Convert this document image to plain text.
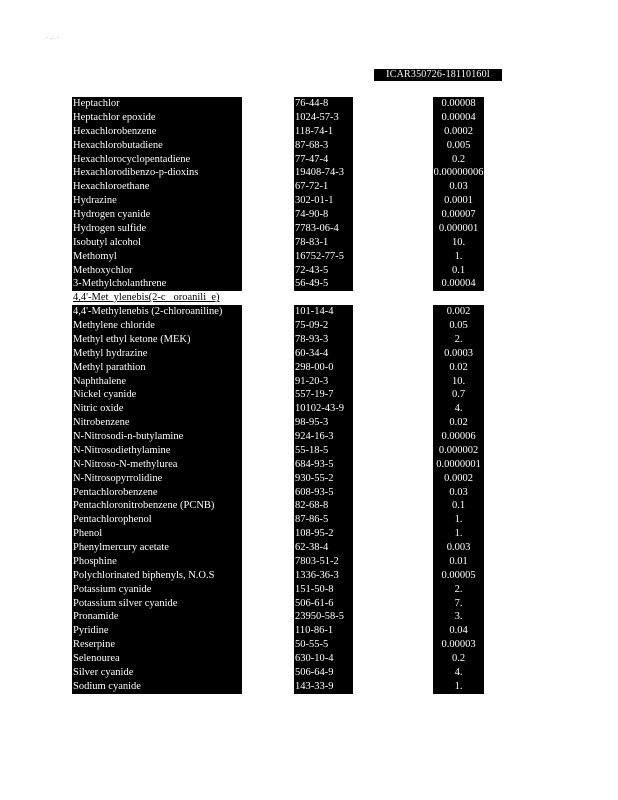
- ,.. -
ICAR350726-18110160l
Heptachlor	76-44-8	0.00008
Heptachlor epoxide	1024-57-3	0.00004
Hexachlorobenzene	118-74-1	0.0002
Hexachlorobutadiene	87-68-3	0.005
Hexachlorocyclopentadiene	77-47-4	0.2
Hexachlorodibenzo-p-dioxins	19408-74-3	0.00000006
Hexachloroethane	67-72-1	0.03
Hydrazine	302-01-1	0.0001
Hydrogen cyanide	74-90-8	0.00007
Hydrogen sulfide	7783-06-4	0.000001
Isobutyl alcohol	78-83-1	10.
Methomyl	16752-77-5	1.
Methoxychlor	72-43-5	0.1
3-Methylcholanthrene	56-49-5	0.00004
4,4'-Met_ylenebis(2-c_ oroanili_e)
4,4'-Methylenebis (2-chloroaniline)	101-14-4	0.002
Methylene chloride	75-09-2	0.05
Methyl ethyl ketone (MEK)	78-93-3	2.
Methyl hydrazine	60-34-4	0.0003
Methyl parathion	298-00-0	0.02
Naphthalene	91-20-3	10.
Nickel cyanide	557-19-7	0.7
Nitric oxide	10102-43-9	4.
Nitrobenzene	98-95-3	0.02
N-Nitrosodi-n-butylamine	924-16-3	0.00006
N-Nitrosodiethylamine	55-18-5	0.000002
N-Nitroso-N-methylurea	684-93-5	0.0000001
N-Nitrosopyrrolidine	930-55-2	0.0002
Pentachlorobenzene	608-93-5	0.03
Pentachloronitrobenzene (PCNB)	82-68-8	0.1
Pentachlorophenol	87-86-5	1.
Phenol	108-95-2	1.
Phenylmercury acetate	62-38-4	0.003
Phosphine	7803-51-2	0.01
Polychlorinated biphenyls, N.O.S	1336-36-3	0.00005
Potassium cyanide	151-50-8	2.
Potassium silver cyanide	506-61-6	7.
Pronamide	23950-58-5	3.
Pyridine	110-86-1	0.04
Reserpine	50-55-5	0.00003
Selenourea	630-10-4	0.2
Silver cyanide	506-64-9	4.
Sodium cyanide	143-33-9	1.
